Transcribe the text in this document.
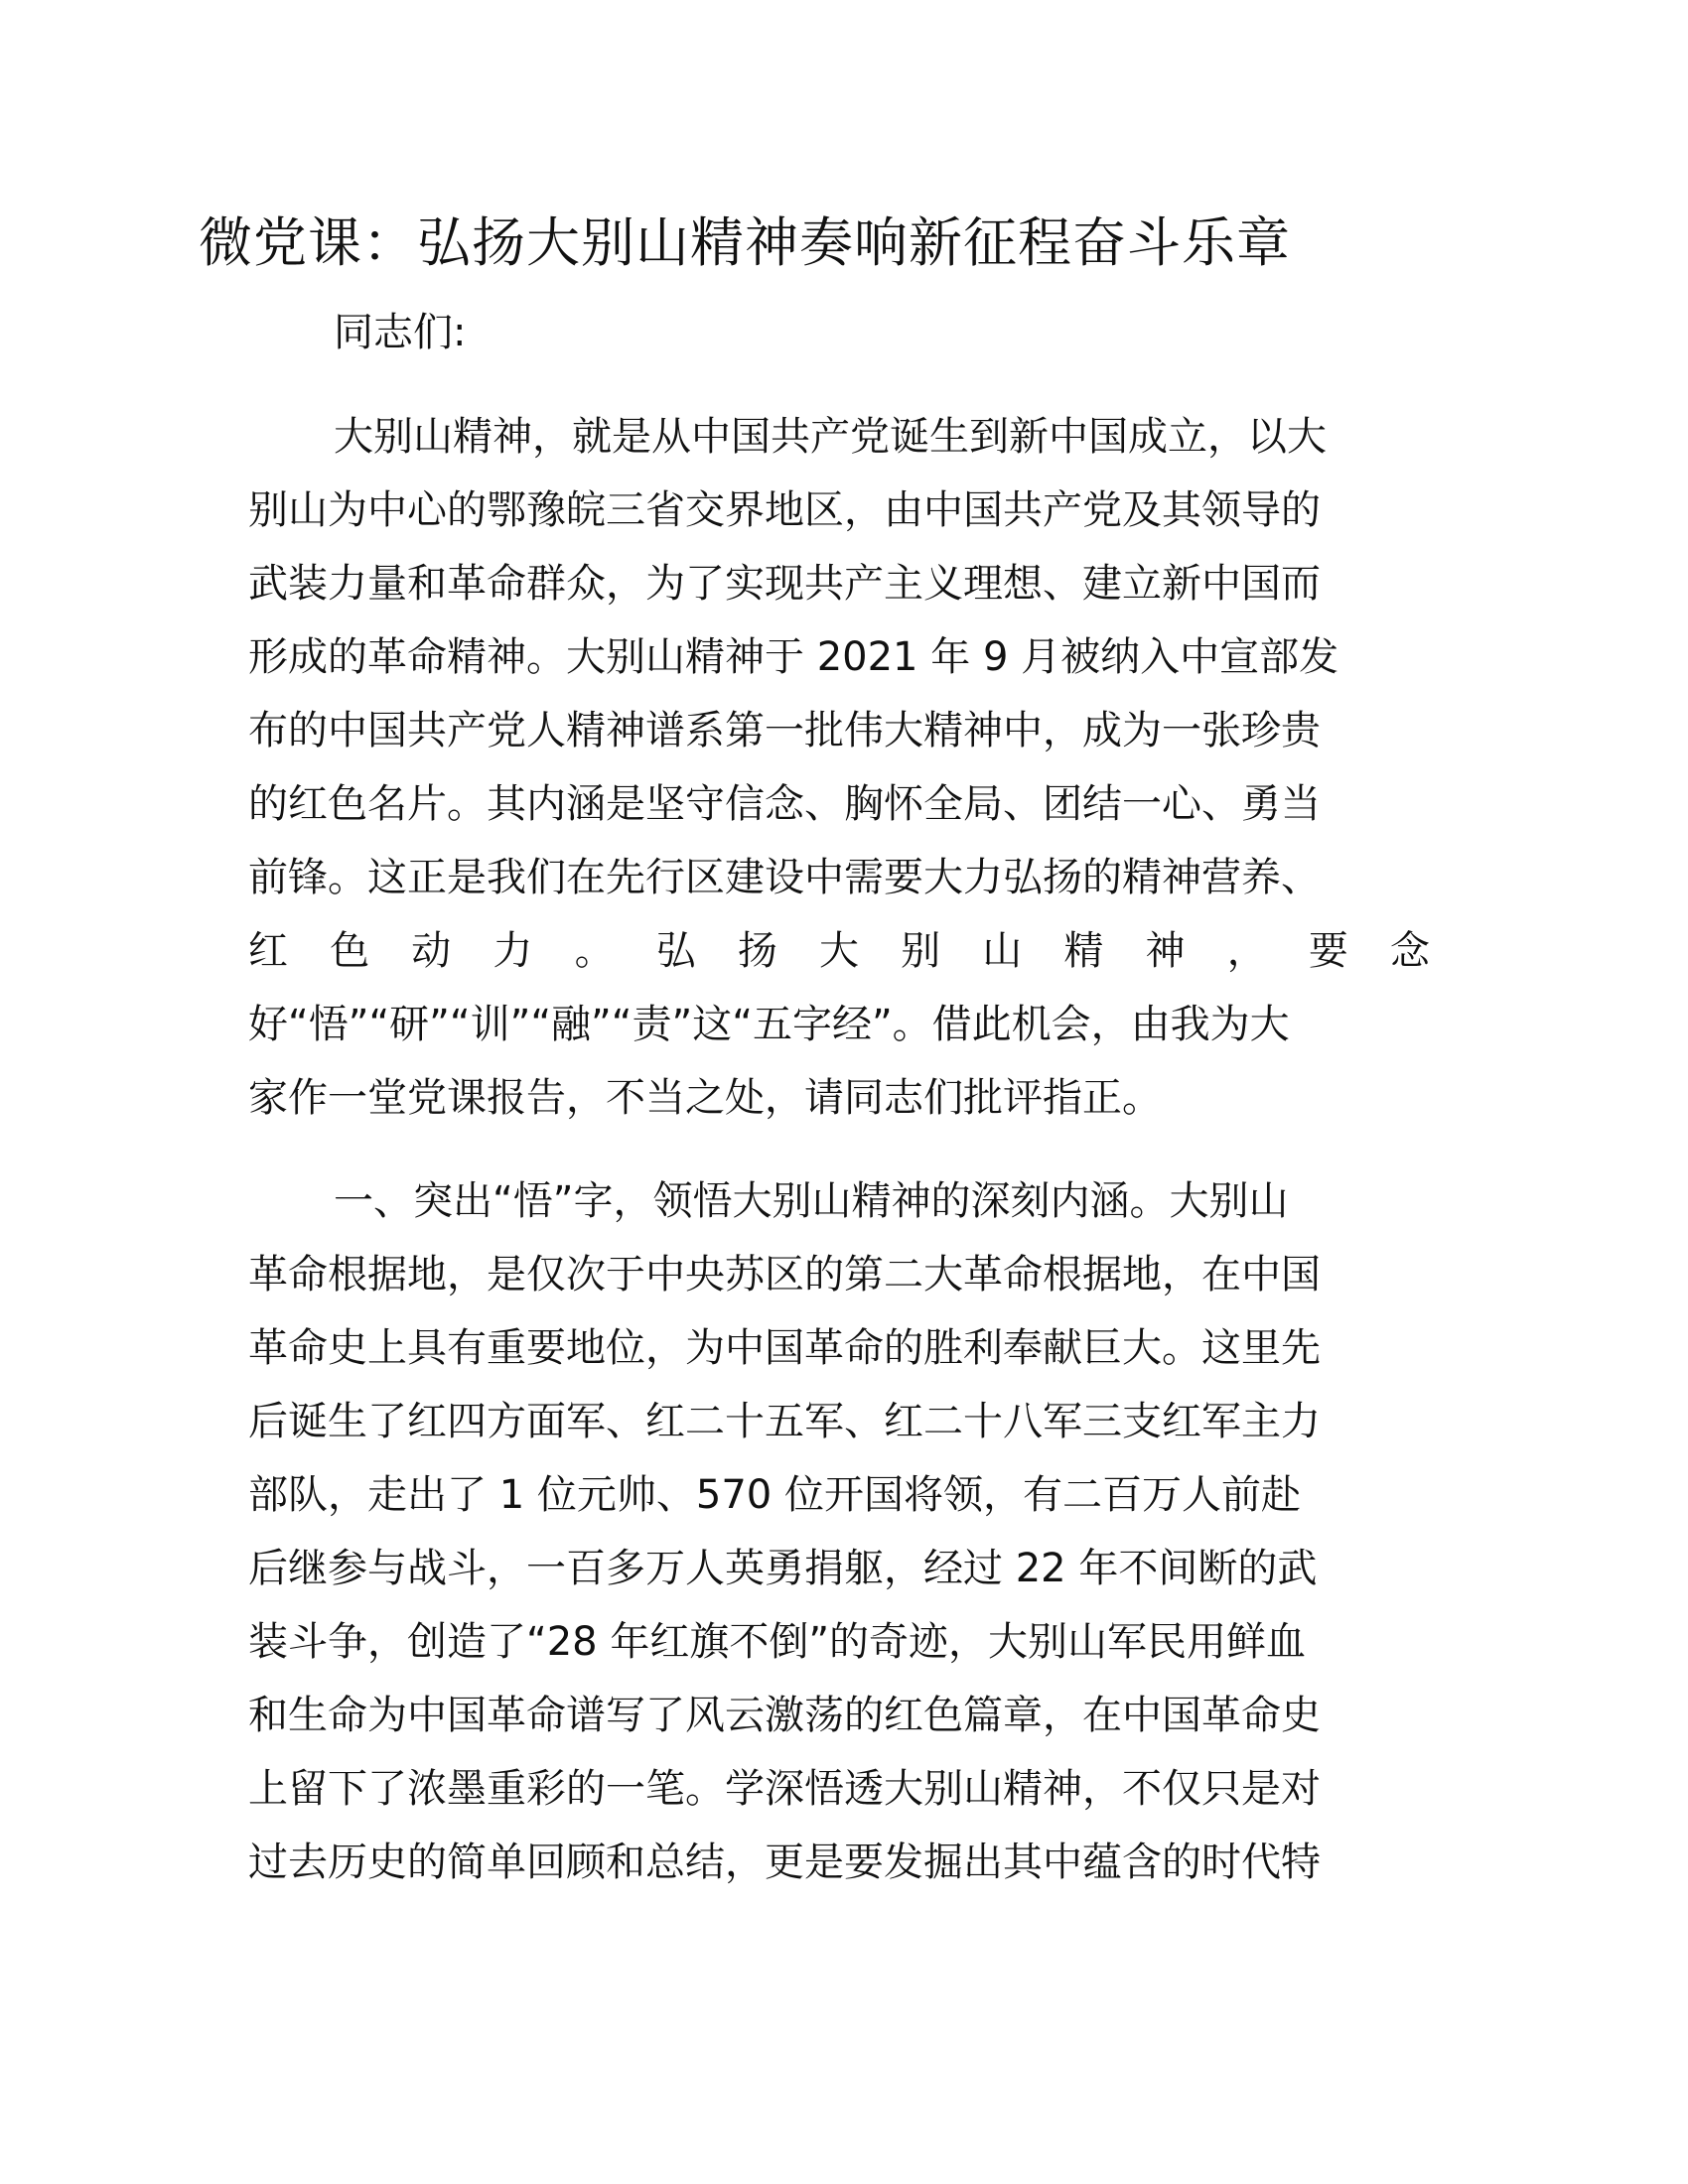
微党课：弘扬大别山精神奏响新征程奋斗乐章

同志们:

大别山精神，就是从中国共产党诞生到新中国成立，以大

别山为中心的鄂豫皖三省交界地区，由中国共产党及其领导的

武装力量和革命群众，为了实现共产主义理想、建立新中国而

形成的革命精神。大别山精神于 2021 年 9 月被纳入中宣部发

布的中国共产党人精神谱系第一批伟大精神中，成为一张珍贵

的红色名片。其内涵是坚守信念、胸怀全局、团结一心、勇当

前锋。这正是我们在先行区建设中需要大力弘扬的精神营养、

红 色 动 力 。 弘 扬 大 别 山 精 神 ， 要 念

好“悟”“研”“训”“融”“责”这“五字经”。借此机会，由我为大

家作一堂党课报告，不当之处，请同志们批评指正。

一、突出“悟”字，领悟大别山精神的深刻内涵。大别山

革命根据地，是仅次于中央苏区的第二大革命根据地，在中国

革命史上具有重要地位，为中国革命的胜利奉献巨大。这里先

后诞生了红四方面军、红二十五军、红二十八军三支红军主力

部队，走出了 1 位元帅、570 位开国将领，有二百万人前赴

后继参与战斗，一百多万人英勇捐躯，经过 22 年不间断的武

装斗争，创造了“28 年红旗不倒”的奇迹，大别山军民用鲜血

和生命为中国革命谱写了风云激荡的红色篇章，在中国革命史

上留下了浓墨重彩的一笔。学深悟透大别山精神，不仅只是对

过去历史的简单回顾和总结，更是要发掘出其中蕴含的时代特
